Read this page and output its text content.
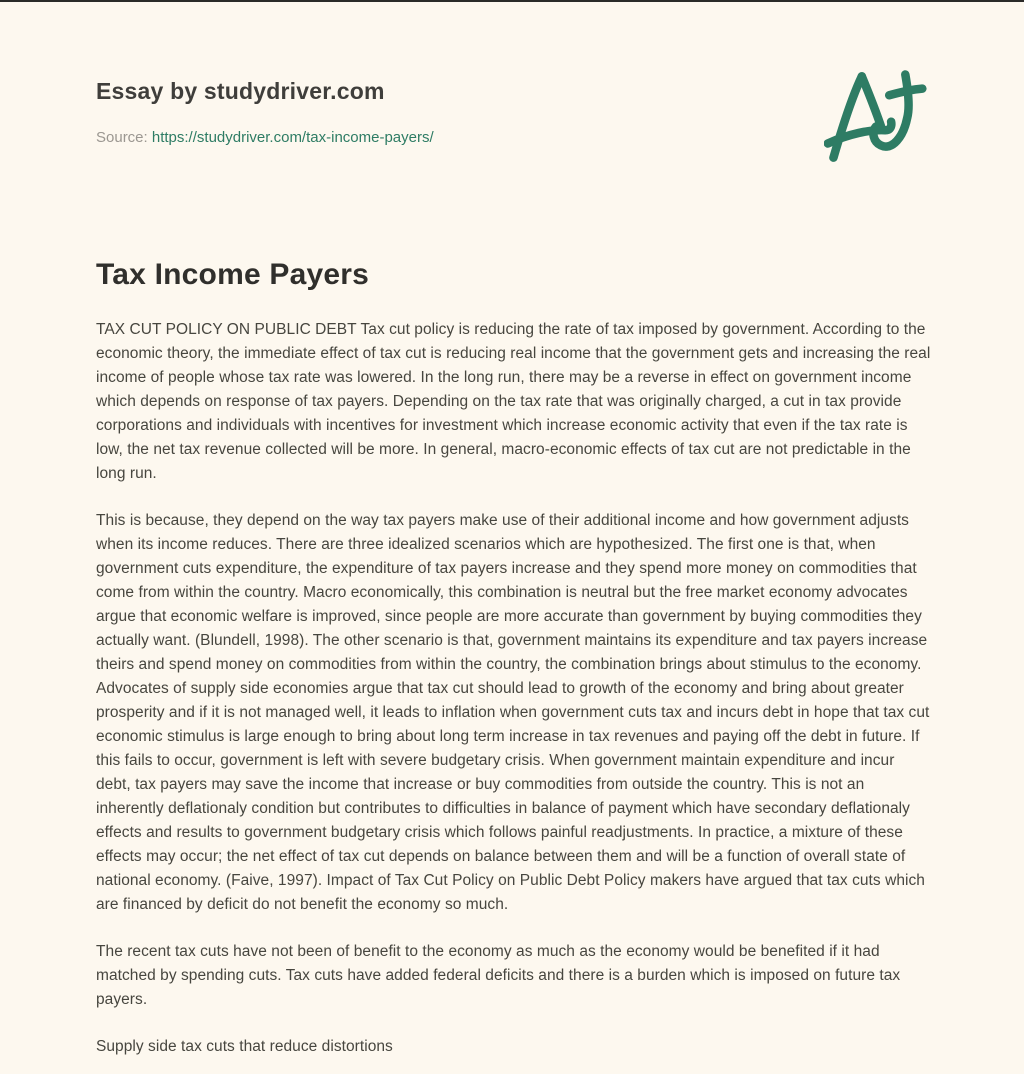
Essay by studydriver.com
Source: https://studydriver.com/tax-income-payers/
Tax Income Payers

TAX CUT POLICY ON PUBLIC DEBT Tax cut policy is reducing the rate of tax imposed by government. According to the economic theory, the immediate effect of tax cut is reducing real income that the government gets and increasing the real income of people whose tax rate was lowered. In the long run, there may be a reverse in effect on government income which depends on response of tax payers. Depending on the tax rate that was originally charged, a cut in tax provide corporations and individuals with incentives for investment which increase economic activity that even if the tax rate is low, the net tax revenue collected will be more. In general, macro-economic effects of tax cut are not predictable in the long run.

This is because, they depend on the way tax payers make use of their additional income and how government adjusts when its income reduces. There are three idealized scenarios which are hypothesized. The first one is that, when government cuts expenditure, the expenditure of tax payers increase and they spend more money on commodities that come from within the country. Macro economically, this combination is neutral but the free market economy advocates argue that economic welfare is improved, since people are more accurate than government by buying commodities they actually want. (Blundell, 1998). The other scenario is that, government maintains its expenditure and tax payers increase theirs and spend money on commodities from within the country, the combination brings about stimulus to the economy. Advocates of supply side economies argue that tax cut should lead to growth of the economy and bring about greater prosperity and if it is not managed well, it leads to inflation when government cuts tax and incurs debt in hope that tax cut economic stimulus is large enough to bring about long term increase in tax revenues and paying off the debt in future. If this fails to occur, government is left with severe budgetary crisis. When government maintain expenditure and incur debt, tax payers may save the income that increase or buy commodities from outside the country. This is not an inherently deflationaly condition but contributes to difficulties in balance of payment which have secondary deflationaly effects and results to government budgetary crisis which follows painful readjustments. In practice, a mixture of these effects may occur; the net effect of tax cut depends on balance between them and will be a function of overall state of national economy. (Faive, 1997). Impact of Tax Cut Policy on Public Debt Policy makers have argued that tax cuts which are financed by deficit do not benefit the economy so much.

The recent tax cuts have not been of benefit to the economy as much as the economy would be benefited if it had matched by spending cuts. Tax cuts have added federal deficits and there is a burden which is imposed on future tax payers.

Supply side tax cuts that reduce distortions
